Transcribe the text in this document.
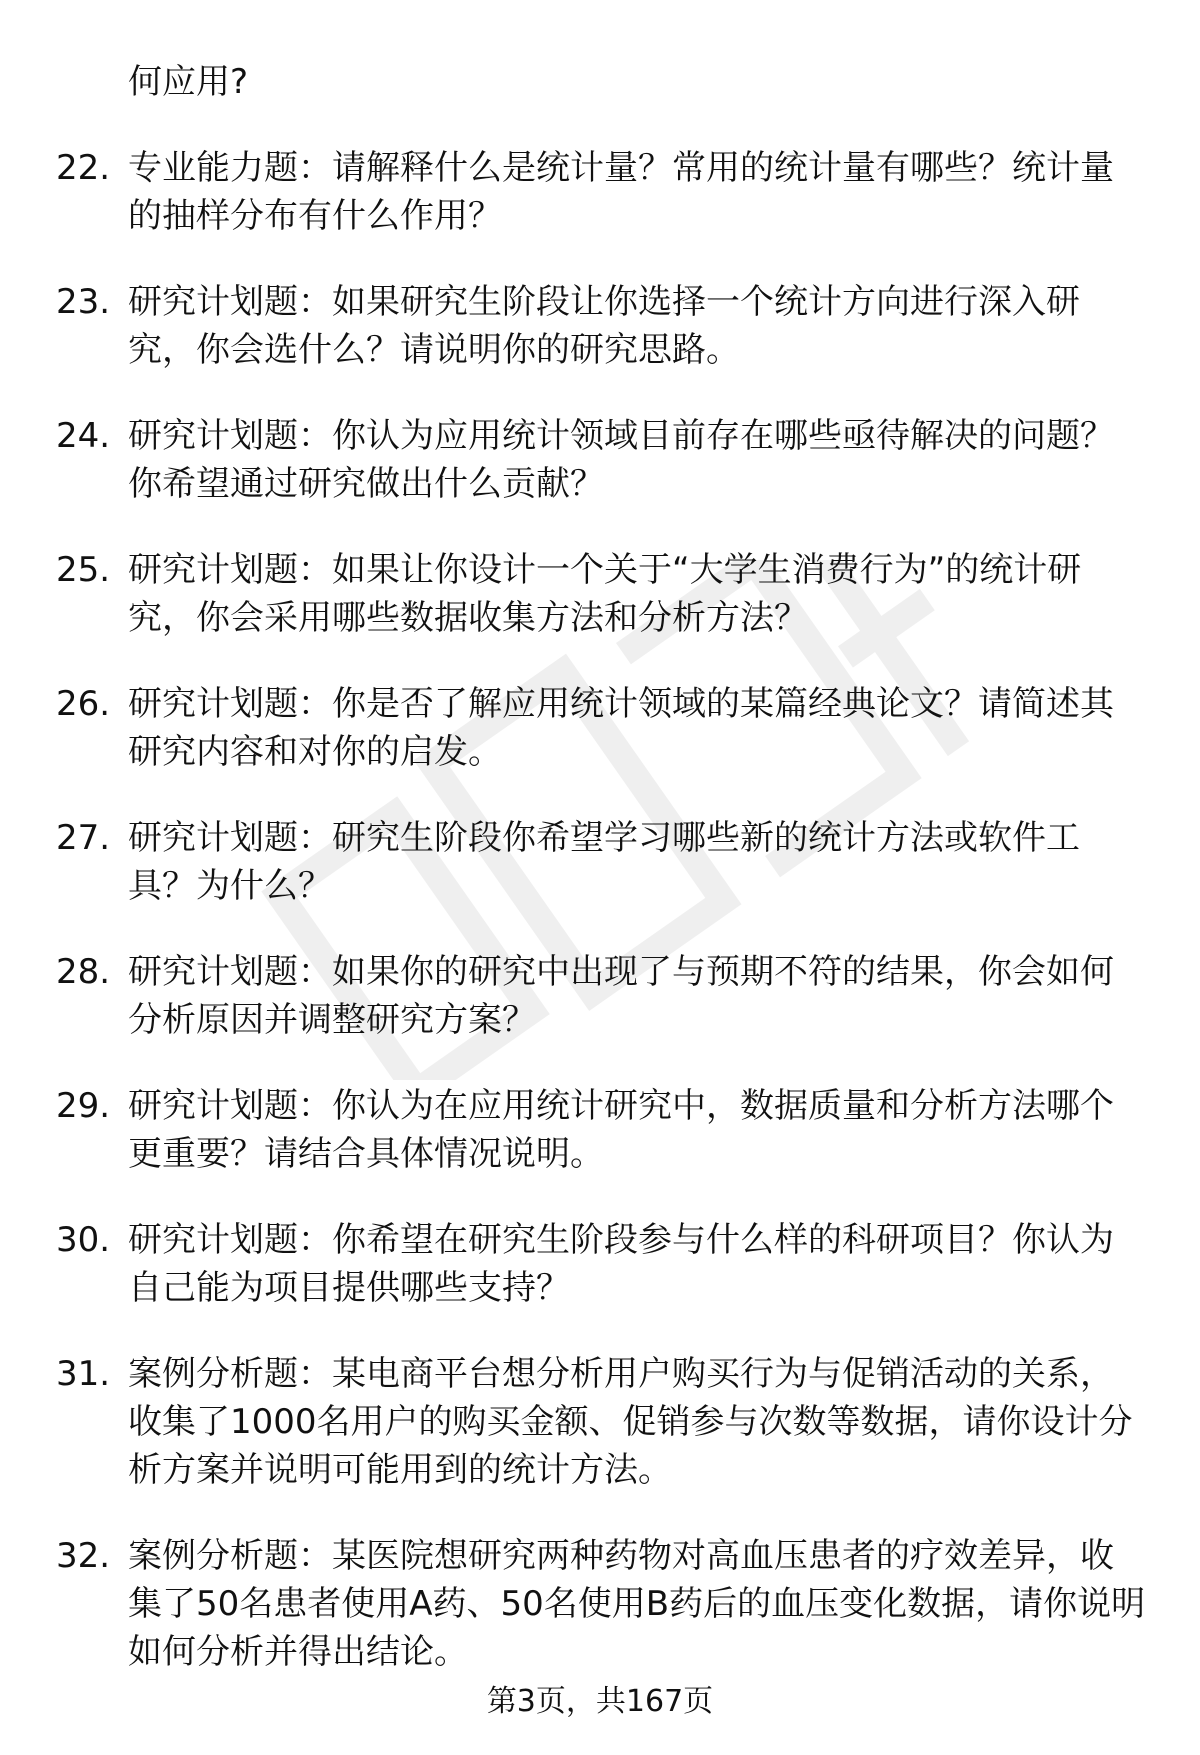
何应用?
22. 专业能力题：请解释什么是统计量？常用的统计量有哪些？统计量的抽样分布有什么作用？
23. 研究计划题：如果研究生阶段让你选择一个统计方向进行深入研究，你会选什么？请说明你的研究思路。
24. 研究计划题：你认为应用统计领域目前存在哪些亟待解决的问题？你希望通过研究做出什么贡献？
25. 研究计划题：如果让你设计一个关于“大学生消费行为”的统计研究，你会采用哪些数据收集方法和分析方法？
26. 研究计划题：你是否了解应用统计领域的某篇经典论文？请简述其研究内容和对你的启发。
27. 研究计划题：研究生阶段你希望学习哪些新的统计方法或软件工具？为什么？
28. 研究计划题：如果你的研究中出现了与预期不符的结果，你会如何分析原因并调整研究方案？
29. 研究计划题：你认为在应用统计研究中，数据质量和分析方法哪个更重要？请结合具体情况说明。
30. 研究计划题：你希望在研究生阶段参与什么样的科研项目？你认为自己能为项目提供哪些支持？
31. 案例分析题：某电商平台想分析用户购买行为与促销活动的关系，收集了1000名用户的购买金额、促销参与次数等数据，请你设计分析方案并说明可能用到的统计方法。
32. 案例分析题：某医院想研究两种药物对高血压患者的疗效差异，收集了50名患者使用A药、50名使用B药后的血压变化数据，请你说明如何分析并得出结论。
第3页，共167页
